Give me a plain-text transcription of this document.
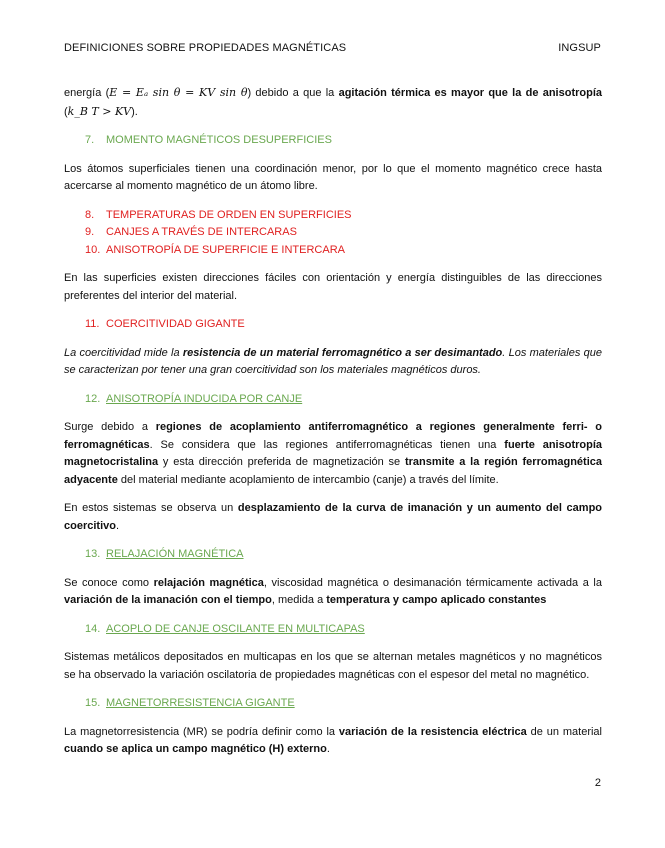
DEFINICIONES SOBRE PROPIEDADES MAGNÉTICAS	INGSUP

energía (E = Eₐ sin θ = KV sin θ) debido a que la agitación térmica es mayor que la de anisotropía (k_B T > KV).

7. MOMENTO MAGNÉTICOS DESUPERFICIES

Los átomos superficiales tienen una coordinación menor, por lo que el momento magnético crece hasta acercarse al momento magnético de un átomo libre.

8. TEMPERATURAS DE ORDEN EN SUPERFICIES
9. CANJES A TRAVÉS DE INTERCARAS
10. ANISOTROPÍA DE SUPERFICIE E INTERCARA

En las superficies existen direcciones fáciles con orientación y energía distinguibles de las direcciones preferentes del interior del material.

11. COERCITIVIDAD GIGANTE

La coercitividad mide la resistencia de un material ferromagnético a ser desimantado. Los materiales que se caracterizan por tener una gran coercitividad son los materiales magnéticos duros.

12. ANISOTROPÍA INDUCIDA POR CANJE

Surge debido a regiones de acoplamiento antiferromagnético a regiones generalmente ferri- o ferromagnéticas. Se considera que las regiones antiferromagnéticas tienen una fuerte anisotropía magnetocristalina y esta dirección preferida de magnetización se transmite a la región ferromagnética adyacente del material mediante acoplamiento de intercambio (canje) a través del límite.

En estos sistemas se observa un desplazamiento de la curva de imanación y un aumento del campo coercitivo.

13. RELAJACIÓN MAGNÉTICA

Se conoce como relajación magnética, viscosidad magnética o desimanación térmicamente activada a la variación de la imanación con el tiempo, medida a temperatura y campo aplicado constantes

14. ACOPLO DE CANJE OSCILANTE EN MULTICAPAS

Sistemas metálicos depositados en multicapas en los que se alternan metales magnéticos y no magnéticos se ha observado la variación oscilatoria de propiedades magnéticas con el espesor del metal no magnético.

15. MAGNETORRESISTENCIA GIGANTE

La magnetorresistencia (MR) se podría definir como la variación de la resistencia eléctrica de un material cuando se aplica un campo magnético (H) externo.

2
